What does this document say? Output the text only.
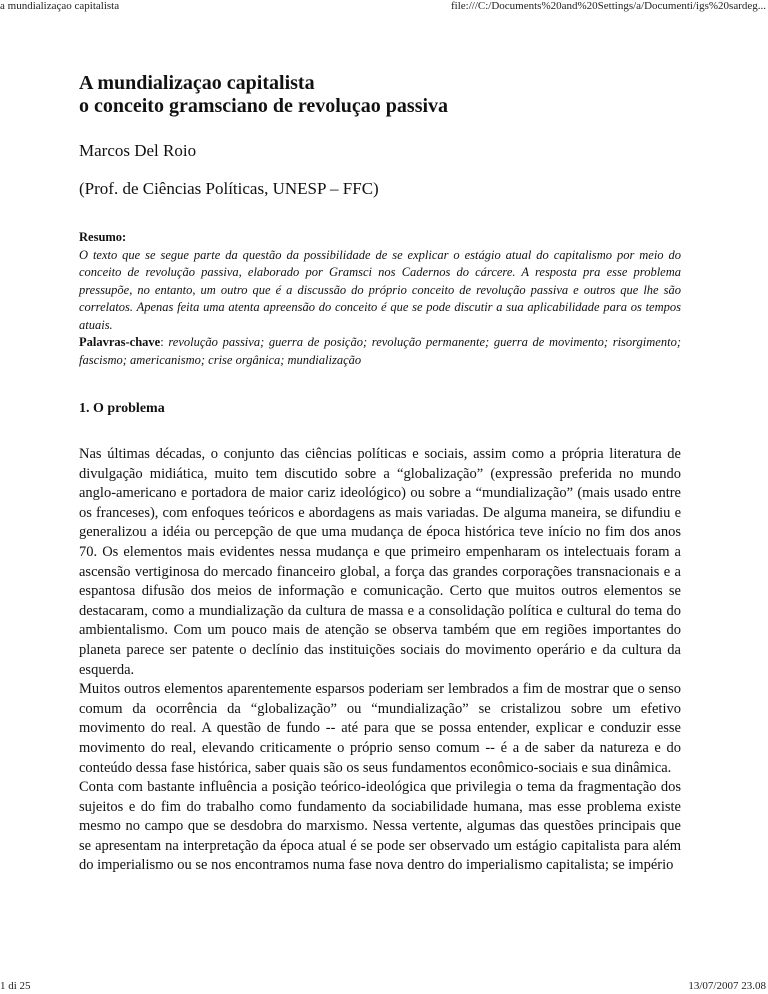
a mundializaçao capitalista	file:///C:/Documents%20and%20Settings/a/Documenti/igs%20sardeg...
A mundializaçao capitalista
o conceito gramsciano de revoluçao passiva

Marcos Del Roio

(Prof. de Ciências Políticas, UNESP – FFC)

Resumo:
O texto que se segue parte da questão da possibilidade de se explicar o estágio atual do capitalismo por meio do conceito de revolução passiva, elaborado por Gramsci nos Cadernos do cárcere. A resposta pra esse problema pressupõe, no entanto, um outro que é a discussão do próprio conceito de revolução passiva e outros que lhe são correlatos. Apenas feita uma atenta apreensão do conceito é que se pode discutir a sua aplicabilidade para os tempos atuais.
Palavras-chave: revolução passiva; guerra de posição; revolução permanente; guerra de movimento; risorgimento; fascismo; americanismo; crise orgânica; mundialização
1. O problema

Nas últimas décadas, o conjunto das ciências políticas e sociais, assim como a própria literatura de divulgação midiática, muito tem discutido sobre a “globalização” (expressão preferida no mundo anglo-americano e portadora de maior cariz ideológico) ou sobre a “mundialização” (mais usado entre os franceses), com enfoques teóricos e abordagens as mais variadas. De alguma maneira, se difundiu e generalizou a idéia ou percepção de que uma mudança de época histórica teve início no fim dos anos 70. Os elementos mais evidentes nessa mudança e que primeiro empenharam os intelectuais foram a ascensão vertiginosa do mercado financeiro global, a força das grandes corporações transnacionais e a espantosa difusão dos meios de informação e comunicação. Certo que muitos outros elementos se destacaram, como a mundialização da cultura de massa e a consolidação política e cultural do tema do ambientalismo. Com um pouco mais de atenção se observa também que em regiões importantes do planeta parece ser patente o declínio das instituições sociais do movimento operário e da cultura da esquerda.

Muitos outros elementos aparentemente esparsos poderiam ser lembrados a fim de mostrar que o senso comum da ocorrência da “globalização” ou “mundialização” se cristalizou sobre um efetivo movimento do real. A questão de fundo -- até para que se possa entender, explicar e conduzir esse movimento do real, elevando criticamente o próprio senso comum -- é a de saber da natureza e do conteúdo dessa fase histórica, saber quais são os seus fundamentos econômico-sociais e sua dinâmica.

Conta com bastante influência a posição teórico-ideológica que privilegia o tema da fragmentação dos sujeitos e do fim do trabalho como fundamento da sociabilidade humana, mas esse problema existe mesmo no campo que se desdobra do marxismo. Nessa vertente, algumas das questões principais que se apresentam na interpretação da época atual é se pode ser observado um estágio capitalista para além do imperialismo ou se nos encontramos numa fase nova dentro do imperialismo capitalista; se império

1 di 25	13/07/2007 23.08
